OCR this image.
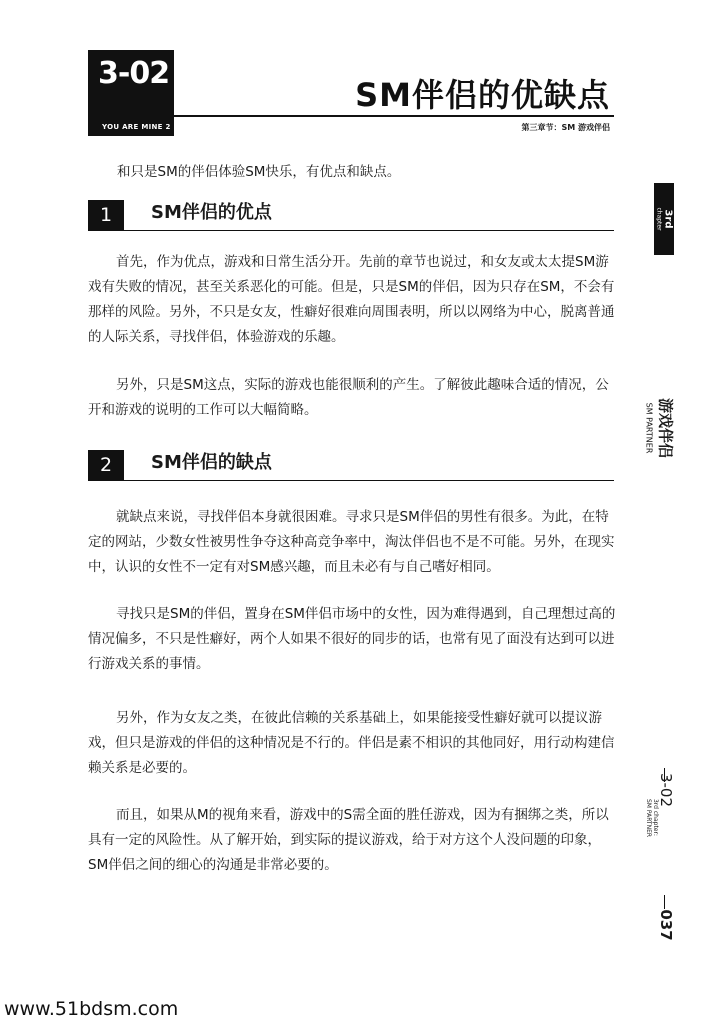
3-02
YOU ARE MINE 2
SM伴侣的优缺点
第三章节：SM 游戏伴侣

和只是SM的伴侣体验SM快乐，有优点和缺点。

1	SM伴侣的优点

首先，作为优点，游戏和日常生活分开。先前的章节也说过，和女友或太太提SM游戏有失败的情况，甚至关系恶化的可能。但是，只是SM的伴侣，因为只存在SM，不会有那样的风险。另外，不只是女友，性癖好很难向周围表明，所以以网络为中心，脱离普通的人际关系，寻找伴侣，体验游戏的乐趣。

另外，只是SM这点，实际的游戏也能很顺利的产生。了解彼此趣味合适的情况，公开和游戏的说明的工作可以大幅简略。

2	SM伴侣的缺点

就缺点来说，寻找伴侣本身就很困难。寻求只是SM伴侣的男性有很多。为此，在特定的网站，少数女性被男性争夺这种高竞争率中，淘汰伴侣也不是不可能。另外，在现实中，认识的女性不一定有对SM感兴趣，而且未必有与自己嗜好相同。

寻找只是SM的伴侣，置身在SM伴侣市场中的女性，因为难得遇到，自己理想过高的情况偏多，不只是性癖好，两个人如果不很好的同步的话，也常有见了面没有达到可以进行游戏关系的事情。

另外，作为女友之类，在彼此信赖的关系基础上，如果能接受性癖好就可以提议游戏，但只是游戏的伴侣的这种情况是不行的。伴侣是素不相识的其他同好，用行动构建信赖关系是必要的。

而且，如果从M的视角来看，游戏中的S需全面的胜任游戏，因为有捆绑之类，所以具有一定的风险性。从了解开始，到实际的提议游戏，给于对方这个人没问题的印象，SM伴侣之间的细心的沟通是非常必要的。

3rd
chapter
游戏伴侣
SM PARTNER
3-02
3rd chapter:
SM PARTNER
037
www.51bdsm.com
